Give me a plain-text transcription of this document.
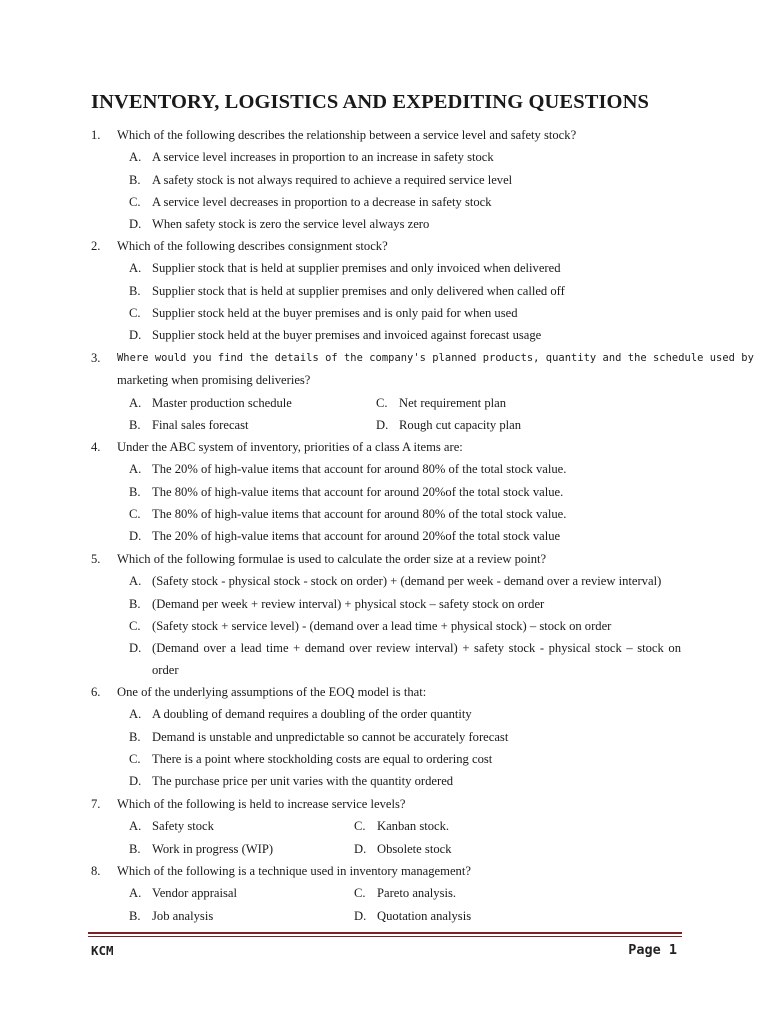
INVENTORY, LOGISTICS AND EXPEDITING QUESTIONS
1. Which of the following describes the relationship between a service level and safety stock?
A. A service level increases in proportion to an increase in safety stock
B. A safety stock is not always required to achieve a required service level
C. A service level decreases in proportion to a decrease in safety stock
D. When safety stock is zero the service level always zero
2. Which of the following describes consignment stock?
A. Supplier stock that is held at supplier premises and only invoiced when delivered
B. Supplier stock that is held at supplier premises and only delivered when called off
C. Supplier stock held at the buyer premises and is only paid for when used
D. Supplier stock held at the buyer premises and invoiced against forecast usage
3. Where would you find the details of the company's planned products, quantity and the schedule used by
marketing when promising deliveries?
A. Master production schedule	C. Net requirement plan
B. Final sales forecast	D. Rough cut capacity plan
4. Under the ABC system of inventory, priorities of a class A items are:
A. The 20% of high-value items that account for around 80% of the total stock value.
B. The 80% of high-value items that account for around 20%of the total stock value.
C. The 80% of high-value items that account for around 80% of the total stock value.
D. The 20% of high-value items that account for around 20%of the total stock value
5. Which of the following formulae is used to calculate the order size at a review point?
A. (Safety stock - physical stock - stock on order) + (demand per week - demand over a review interval)
B. (Demand per week + review interval) + physical stock – safety stock on order
C. (Safety stock + service level) - (demand over a lead time + physical stock) – stock on order
D. (Demand over a lead time + demand over review interval) + safety stock - physical stock – stock on order
6. One of the underlying assumptions of the EOQ model is that:
A. A doubling of demand requires a doubling of the order quantity
B. Demand is unstable and unpredictable so cannot be accurately forecast
C. There is a point where stockholding costs are equal to ordering cost
D. The purchase price per unit varies with the quantity ordered
7. Which of the following is held to increase service levels?
A. Safety stock	C. Kanban stock.
B. Work in progress (WIP)	D. Obsolete stock
8. Which of the following is a technique used in inventory management?
A. Vendor appraisal	C. Pareto analysis.
B. Job analysis	D. Quotation analysis
KCM	Page 1
